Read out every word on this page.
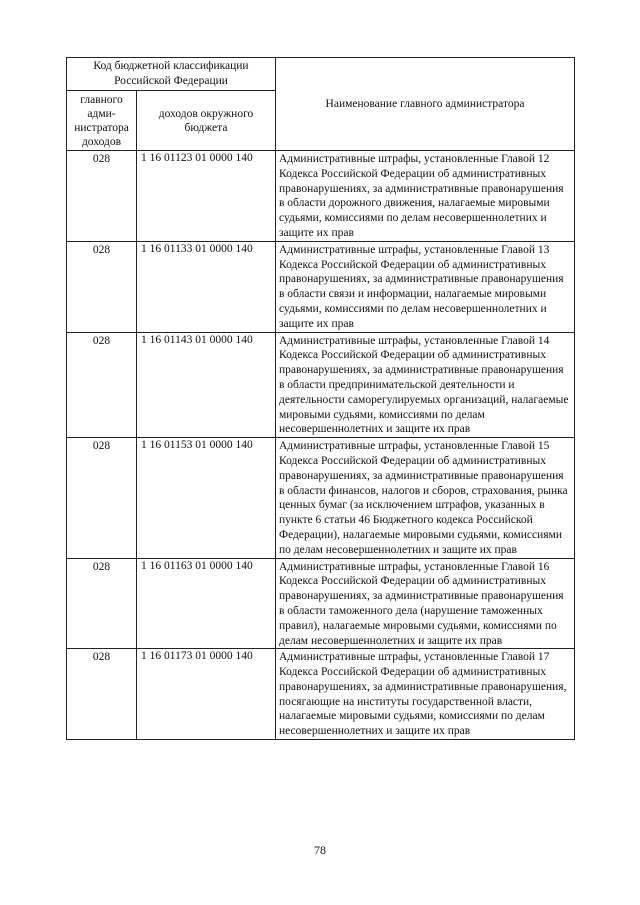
Код бюджетной классификации Российской Федерации		Наименование главного администратора
главного адми-нистратора доходов	доходов окружного бюджета	
028	1 16 01123 01 0000 140	Административные штрафы, установленные Главой 12 Кодекса Российской Федерации об административных правонарушениях, за административные правонарушения в области дорожного движения, налагаемые мировыми судьями, комиссиями по делам несовершеннолетних и защите их прав
028	1 16 01133 01 0000 140	Административные штрафы, установленные Главой 13 Кодекса Российской Федерации об административных правонарушениях, за административные правонарушения в области связи и информации, налагаемые мировыми судьями, комиссиями по делам несовершеннолетних и защите их прав
028	1 16 01143 01 0000 140	Административные штрафы, установленные Главой 14 Кодекса Российской Федерации об административных правонарушениях, за административные правонарушения в области предпринимательской деятельности и деятельности саморегулируемых организаций, налагаемые мировыми судьями, комиссиями по делам несовершеннолетних и защите их прав
028	1 16 01153 01 0000 140	Административные штрафы, установленные Главой 15 Кодекса Российской Федерации об административных правонарушениях, за административные правонарушения в области финансов, налогов и сборов, страхования, рынка ценных бумаг (за исключением штрафов, указанных в пункте 6 статьи 46 Бюджетного кодекса Российской Федерации), налагаемые мировыми судьями, комиссиями по делам несовершеннолетних и защите их прав
028	1 16 01163 01 0000 140	Административные штрафы, установленные Главой 16 Кодекса Российской Федерации об административных правонарушениях, за административные правонарушения в области таможенного дела (нарушение таможенных правил), налагаемые мировыми судьями, комиссиями по делам несовершеннолетних и защите их прав
028	1 16 01173 01 0000 140	Административные штрафы, установленные Главой 17 Кодекса Российской Федерации об административных правонарушениях, за административные правонарушения, посягающие на институты государственной власти, налагаемые мировыми судьями, комиссиями по делам несовершеннолетних и защите их прав
78
